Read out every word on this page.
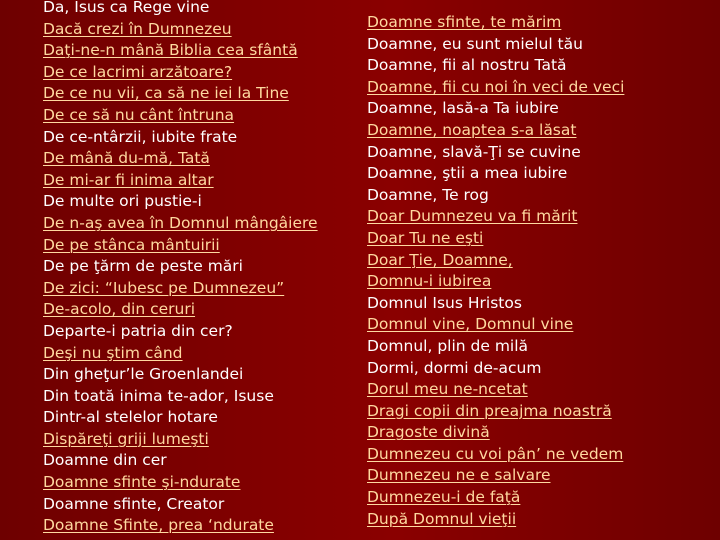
Da, Isus ca Rege vine
Dacă crezi în Dumnezeu
Daţi-ne-n mână Biblia cea sfântă
De ce lacrimi arzătoare?
De ce nu vii, ca să ne iei la Tine
De ce să nu cânt întruna
De ce-ntârzii, iubite frate
De mână du-mă, Tată
De mi-ar fi inima altar
De multe ori pustie-i
De n-aş avea în Domnul mângâiere
De pe stânca mântuirii
De pe ţărm de peste mări
De zici: “Iubesc pe Dumnezeu”
De-acolo, din ceruri
Departe-i patria din cer?
Deşi nu ştim când
Din gheţur’le Groenlandei
Din toată inima te-ador, Isuse
Dintr-al stelelor hotare
Dispăreţi griji lumeşti
Doamne din cer
Doamne sfinte şi-ndurate
Doamne sfinte, Creator
Doamne Sfinte, prea ‘ndurate
Doamne sfinte, te mărim
Doamne, eu sunt mielul tău
Doamne, fii al nostru Tată
Doamne, fii cu noi în veci de veci
Doamne, lasă-a Ta iubire
Doamne, noaptea s-a lăsat
Doamne, slavă-Ţi se cuvine
Doamne, ştii a mea iubire
Doamne, Te rog
Doar Dumnezeu va fi mărit
Doar Tu ne eşti
Doar Ţie, Doamne,
Domnu-i iubirea
Domnul Isus Hristos
Domnul vine, Domnul vine
Domnul, plin de milă
Dormi, dormi de-acum
Dorul meu ne-ncetat
Dragi copii din preajma noastră
Dragoste divină
Dumnezeu cu voi pân’ ne vedem
Dumnezeu ne e salvare
Dumnezeu-i de faţă
După Domnul vieţii
